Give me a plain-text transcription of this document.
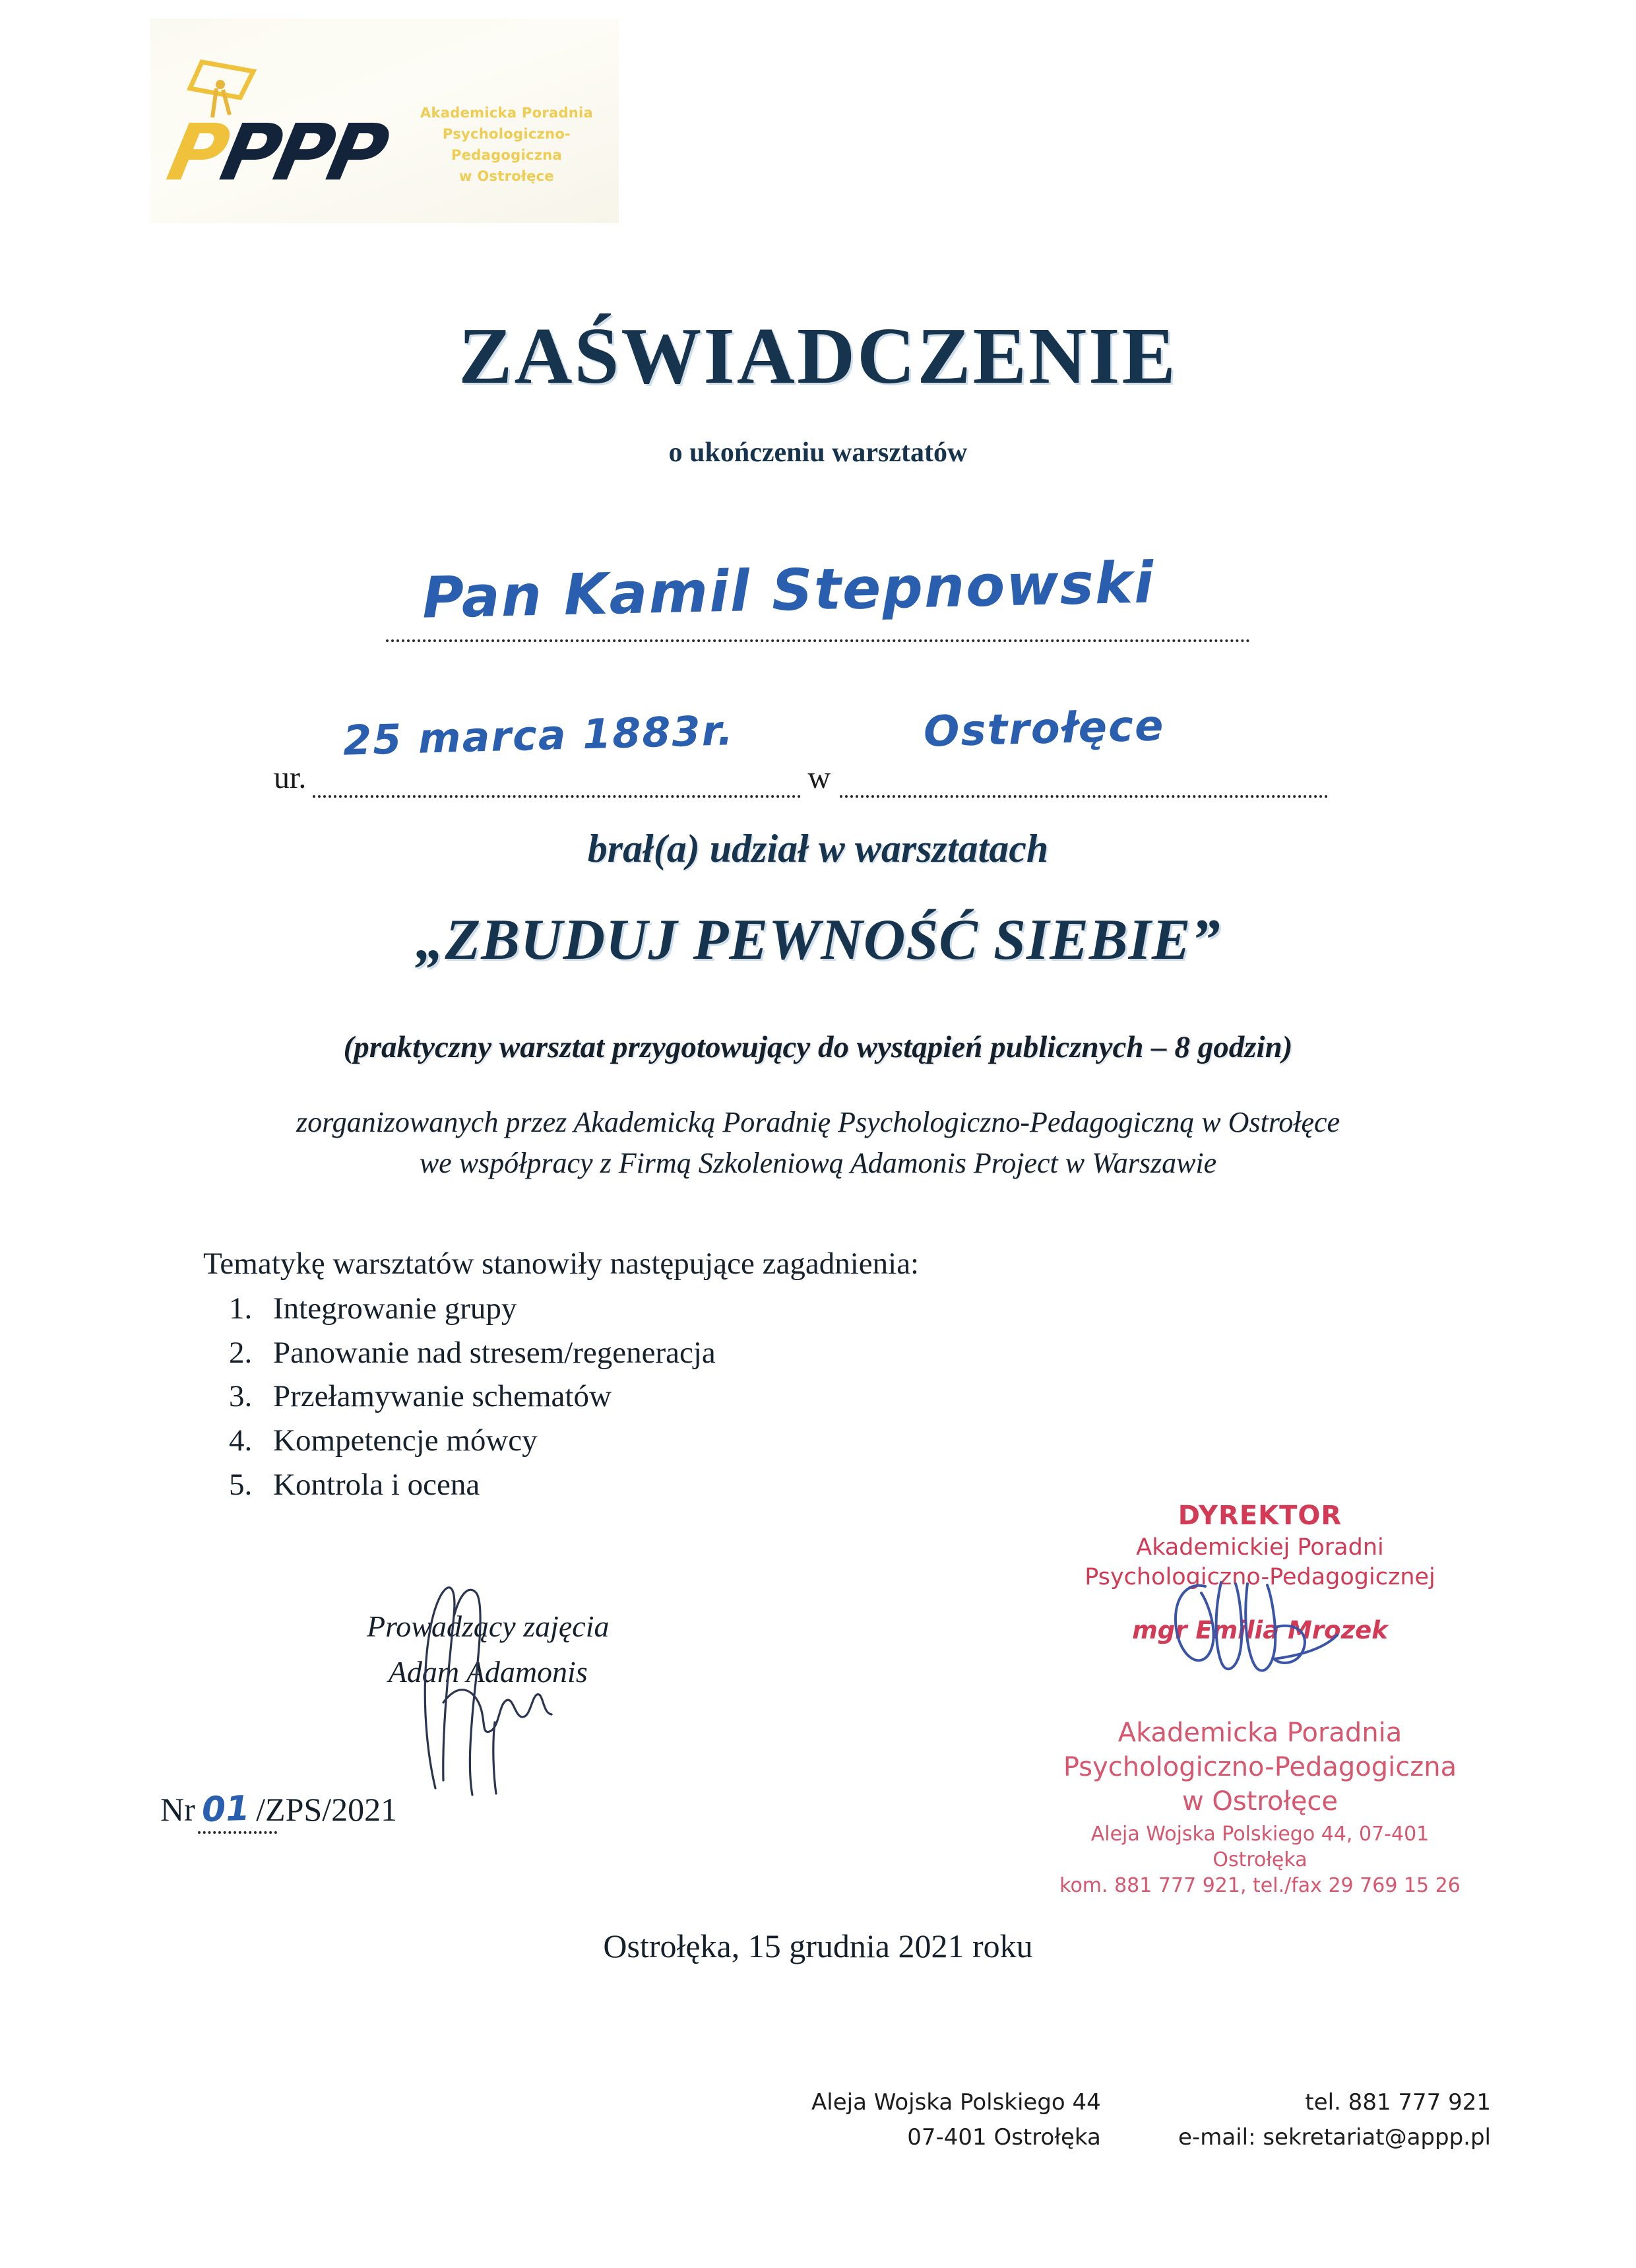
PPPP	Akademicka Poradnia
Psychologiczno-Pedagogiczna
w Ostrołęce
ZAŚWIADCZENIE
o ukończeniu warsztatów
Pan Kamil Stepnowski
ur.	w
25 marca 1883r.	Ostrołęce
brał(a) udział w warsztatach
„ZBUDUJ PEWNOŚĆ SIEBIE”
(praktyczny warsztat przygotowujący do wystąpień publicznych – 8 godzin)
zorganizowanych przez Akademicką Poradnię Psychologiczno-Pedagogiczną w Ostrołęce
we współpracy z Firmą Szkoleniową Adamonis Project w Warszawie
Tematykę warsztatów stanowiły następujące zagadnienia:
1. Integrowanie grupy
2. Panowanie nad stresem/regeneracja
3. Przełamywanie schematów
4. Kompetencje mówcy
5. Kontrola i ocena
Prowadzący zajęcia
Adam Adamonis
DYREKTOR
Akademickiej Poradni
Psychologiczno-Pedagogicznej
mgr Emilia Mrozek
Akademicka Poradnia
Psychologiczno-Pedagogiczna
w Ostrołęce
Aleja Wojska Polskiego 44, 07-401 Ostrołęka
kom. 881 777 921, tel./fax 29 769 15 26
Nr 01 /ZPS/2021
Ostrołęka, 15 grudnia 2021 roku
Aleja Wojska Polskiego 44
07-401 Ostrołęka
tel. 881 777 921
e-mail: sekretariat@appp.pl
